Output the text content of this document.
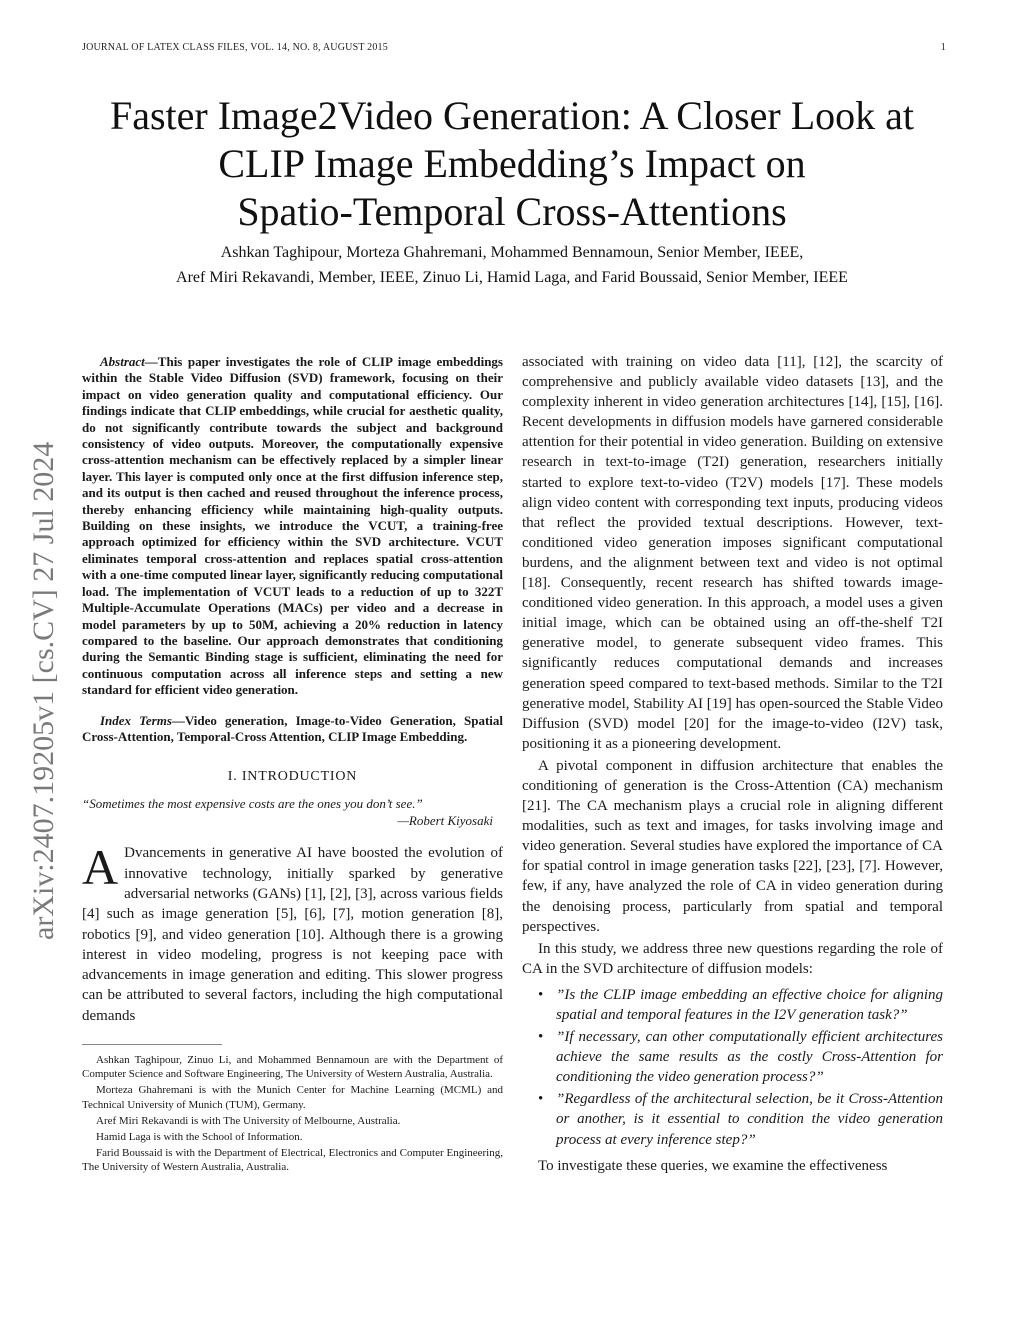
JOURNAL OF LATEX CLASS FILES, VOL. 14, NO. 8, AUGUST 2015	1
Faster Image2Video Generation: A Closer Look at
CLIP Image Embedding’s Impact on
Spatio-Temporal Cross-Attentions
Ashkan Taghipour, Morteza Ghahremani, Mohammed Bennamoun, Senior Member, IEEE,
Aref Miri Rekavandi, Member, IEEE, Zinuo Li, Hamid Laga, and Farid Boussaid, Senior Member, IEEE
arXiv:2407.19205v1 [cs.CV] 27 Jul 2024

Abstract—This paper investigates the role of CLIP image embeddings within the Stable Video Diffusion (SVD) framework, focusing on their impact on video generation quality and computational efficiency. Our findings indicate that CLIP embeddings, while crucial for aesthetic quality, do not significantly contribute towards the subject and background consistency of video outputs. Moreover, the computationally expensive cross-attention mechanism can be effectively replaced by a simpler linear layer. This layer is computed only once at the first diffusion inference step, and its output is then cached and reused throughout the inference process, thereby enhancing efficiency while maintaining high-quality outputs. Building on these insights, we introduce the VCUT, a training-free approach optimized for efficiency within the SVD architecture. VCUT eliminates temporal cross-attention and replaces spatial cross-attention with a one-time computed linear layer, significantly reducing computational load. The implementation of VCUT leads to a reduction of up to 322T Multiple-Accumulate Operations (MACs) per video and a decrease in model parameters by up to 50M, achieving a 20% reduction in latency compared to the baseline. Our approach demonstrates that conditioning during the Semantic Binding stage is sufficient, eliminating the need for continuous computation across all inference steps and setting a new standard for efficient video generation.

Index Terms—Video generation, Image-to-Video Generation, Spatial Cross-Attention, Temporal-Cross Attention, CLIP Image Embedding.

I. INTRODUCTION

“Sometimes the most expensive costs are the ones you don’t see.”

—Robert Kiyosaki

A Dvancements in generative AI have boosted the evolution of innovative technology, initially sparked by generative adversarial networks (GANs) [1], [2], [3], across various fields [4] such as image generation [5], [6], [7], motion generation [8], robotics [9], and video generation [10]. Although there is a growing interest in video modeling, progress is not keeping pace with advancements in image generation and editing. This slower progress can be attributed to several factors, including the high computational demands

Ashkan Taghipour, Zinuo Li, and Mohammed Bennamoun are with the Department of Computer Science and Software Engineering, The University of Western Australia, Australia.

Morteza Ghahremani is with the Munich Center for Machine Learning (MCML) and Technical University of Munich (TUM), Germany.

Aref Miri Rekavandi is with The University of Melbourne, Australia.

Hamid Laga is with the School of Information.

Farid Boussaid is with the Department of Electrical, Electronics and Computer Engineering, The University of Western Australia, Australia.

associated with training on video data [11], [12], the scarcity of comprehensive and publicly available video datasets [13], and the complexity inherent in video generation architectures [14], [15], [16]. Recent developments in diffusion models have garnered considerable attention for their potential in video generation. Building on extensive research in text-to-image (T2I) generation, researchers initially started to explore text-to-video (T2V) models [17]. These models align video content with corresponding text inputs, producing videos that reflect the provided textual descriptions. However, text-conditioned video generation imposes significant computational burdens, and the alignment between text and video is not optimal [18]. Consequently, recent research has shifted towards image-conditioned video generation. In this approach, a model uses a given initial image, which can be obtained using an off-the-shelf T2I generative model, to generate subsequent video frames. This significantly reduces computational demands and increases generation speed compared to text-based methods. Similar to the T2I generative model, Stability AI [19] has open-sourced the Stable Video Diffusion (SVD) model [20] for the image-to-video (I2V) task, positioning it as a pioneering development.

A pivotal component in diffusion architecture that enables the conditioning of generation is the Cross-Attention (CA) mechanism [21]. The CA mechanism plays a crucial role in aligning different modalities, such as text and images, for tasks involving image and video generation. Several studies have explored the importance of CA for spatial control in image generation tasks [22], [23], [7]. However, few, if any, have analyzed the role of CA in video generation during the denoising process, particularly from spatial and temporal perspectives.

In this study, we address three new questions regarding the role of CA in the SVD architecture of diffusion models:

• ”Is the CLIP image embedding an effective choice for aligning spatial and temporal features in the I2V generation task?”
• ”If necessary, can other computationally efficient architectures achieve the same results as the costly Cross-Attention for conditioning the video generation process?”
• ”Regardless of the architectural selection, be it Cross-Attention or another, is it essential to condition the video generation process at every inference step?”

To investigate these queries, we examine the effectiveness
